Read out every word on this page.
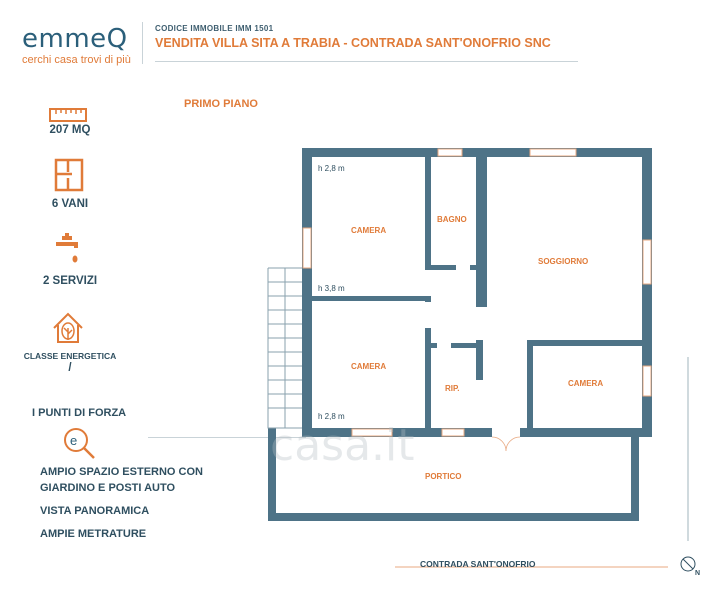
emmeQ
cerchi casa trovi di più
CODICE IMMOBILE IMM 1501
VENDITA VILLA SITA A TRABIA - CONTRADA SANT'ONOFRIO SNC
207 MQ
6 VANI
2 SERVIZI
CLASSE ENERGETICA
/
I PUNTI DI FORZA
e
AMPIO SPAZIO ESTERNO CON GIARDINO E POSTI AUTO
VISTA PANORAMICA
AMPIE METRATURE
PRIMO PIANO
casa.it
CAMERA
BAGNO
SOGGIORNO
CAMERA
RIP.
CAMERA
PORTICO
h 2,8 m
h 3,8 m
h 2,8 m
CONTRADA SANT'ONOFRIO
N
